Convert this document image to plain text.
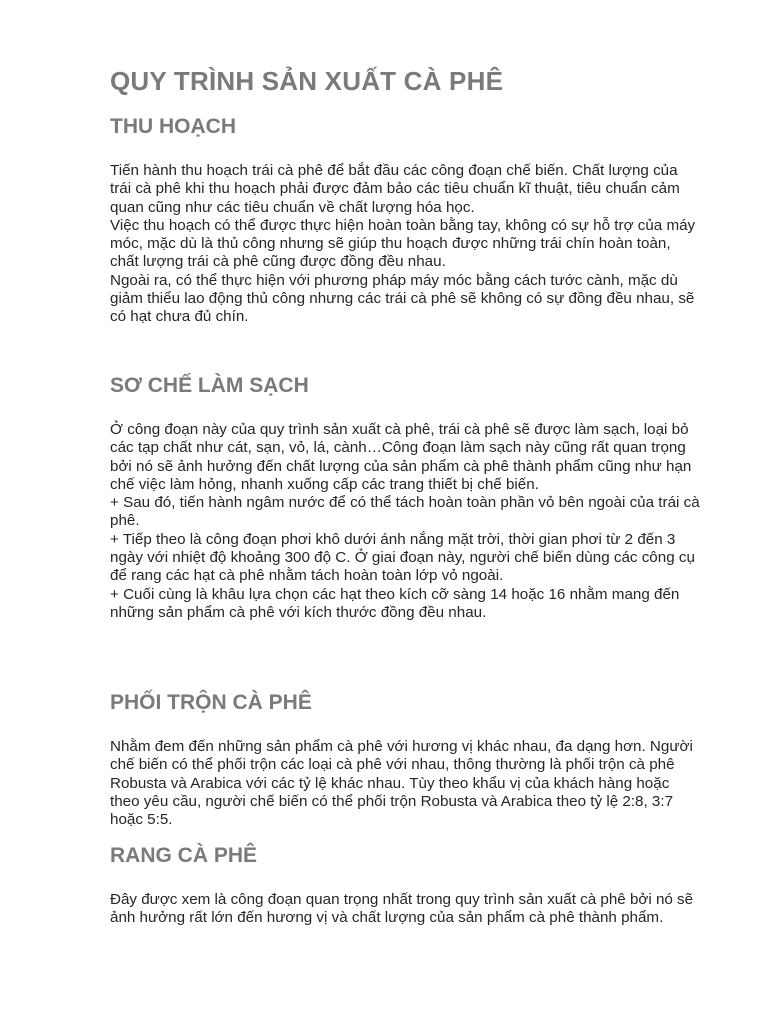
QUY TRÌNH SẢN XUẤT CÀ PHÊ
THU HOẠCH

Tiến hành thu hoạch trái cà phê để bắt đầu các công đoạn chế biến. Chất lượng của trái cà phê khi thu hoạch phải được đảm bảo các tiêu chuẩn kĩ thuật, tiêu chuẩn cảm quan cũng như các tiêu chuẩn về chất lượng hóa học.

Việc thu hoạch có thể được thực hiện hoàn toàn bằng tay, không có sự hỗ trợ của máy móc, mặc dù là thủ công nhưng sẽ giúp thu hoạch được những trái chín hoàn toàn, chất lượng trái cà phê cũng được đồng đều nhau.

Ngoài ra, có thể thực hiện với phương pháp máy móc bằng cách tước cành, mặc dù giảm thiểu lao động thủ công nhưng các trái cà phê sẽ không có sự đồng đều nhau, sẽ có hạt chưa đủ chín.

SƠ CHẾ LÀM SẠCH

Ở công đoạn này của quy trình sản xuất cà phê, trái cà phê sẽ được làm sạch, loại bỏ các tạp chất như cát, sạn, vỏ, lá, cành…Công đoạn làm sạch này cũng rất quan trọng bởi nó sẽ ảnh hưởng đến chất lượng của sản phẩm cà phê thành phẩm cũng như hạn chế việc làm hỏng, nhanh xuống cấp các trang thiết bị chế biến.

+ Sau đó, tiến hành ngâm nước để có thể tách hoàn toàn phần vỏ bên ngoài của trái cà phê.

+ Tiếp theo là công đoạn phơi khô dưới ánh nắng mặt trời, thời gian phơi từ 2 đến 3 ngày với nhiệt độ khoảng 300 độ C. Ở giai đoạn này, người chế biến dùng các công cụ để rang các hạt cà phê nhằm tách hoàn toàn lớp vỏ ngoài.

+ Cuối cùng là khâu lựa chọn các hạt theo kích cỡ sàng 14 hoặc 16 nhằm mang đến những sản phẩm cà phê với kích thước đồng đều nhau.

PHỐI TRỘN CÀ PHÊ

Nhằm đem đến những sản phẩm cà phê với hương vị khác nhau, đa dạng hơn. Người chế biến có thể phối trộn các loại cà phê với nhau, thông thường là phối trộn cà phê Robusta và Arabica với các tỷ lệ khác nhau. Tùy theo khẩu vị của khách hàng hoặc theo yêu cầu, người chế biến có thể phối trộn Robusta và Arabica theo tỷ lệ 2:8, 3:7 hoặc 5:5.

RANG CÀ PHÊ

Đây được xem là công đoạn quan trọng nhất trong quy trình sản xuất cà phê bởi nó sẽ ảnh hưởng rất lớn đến hương vị và chất lượng của sản phẩm cà phê thành phẩm.
